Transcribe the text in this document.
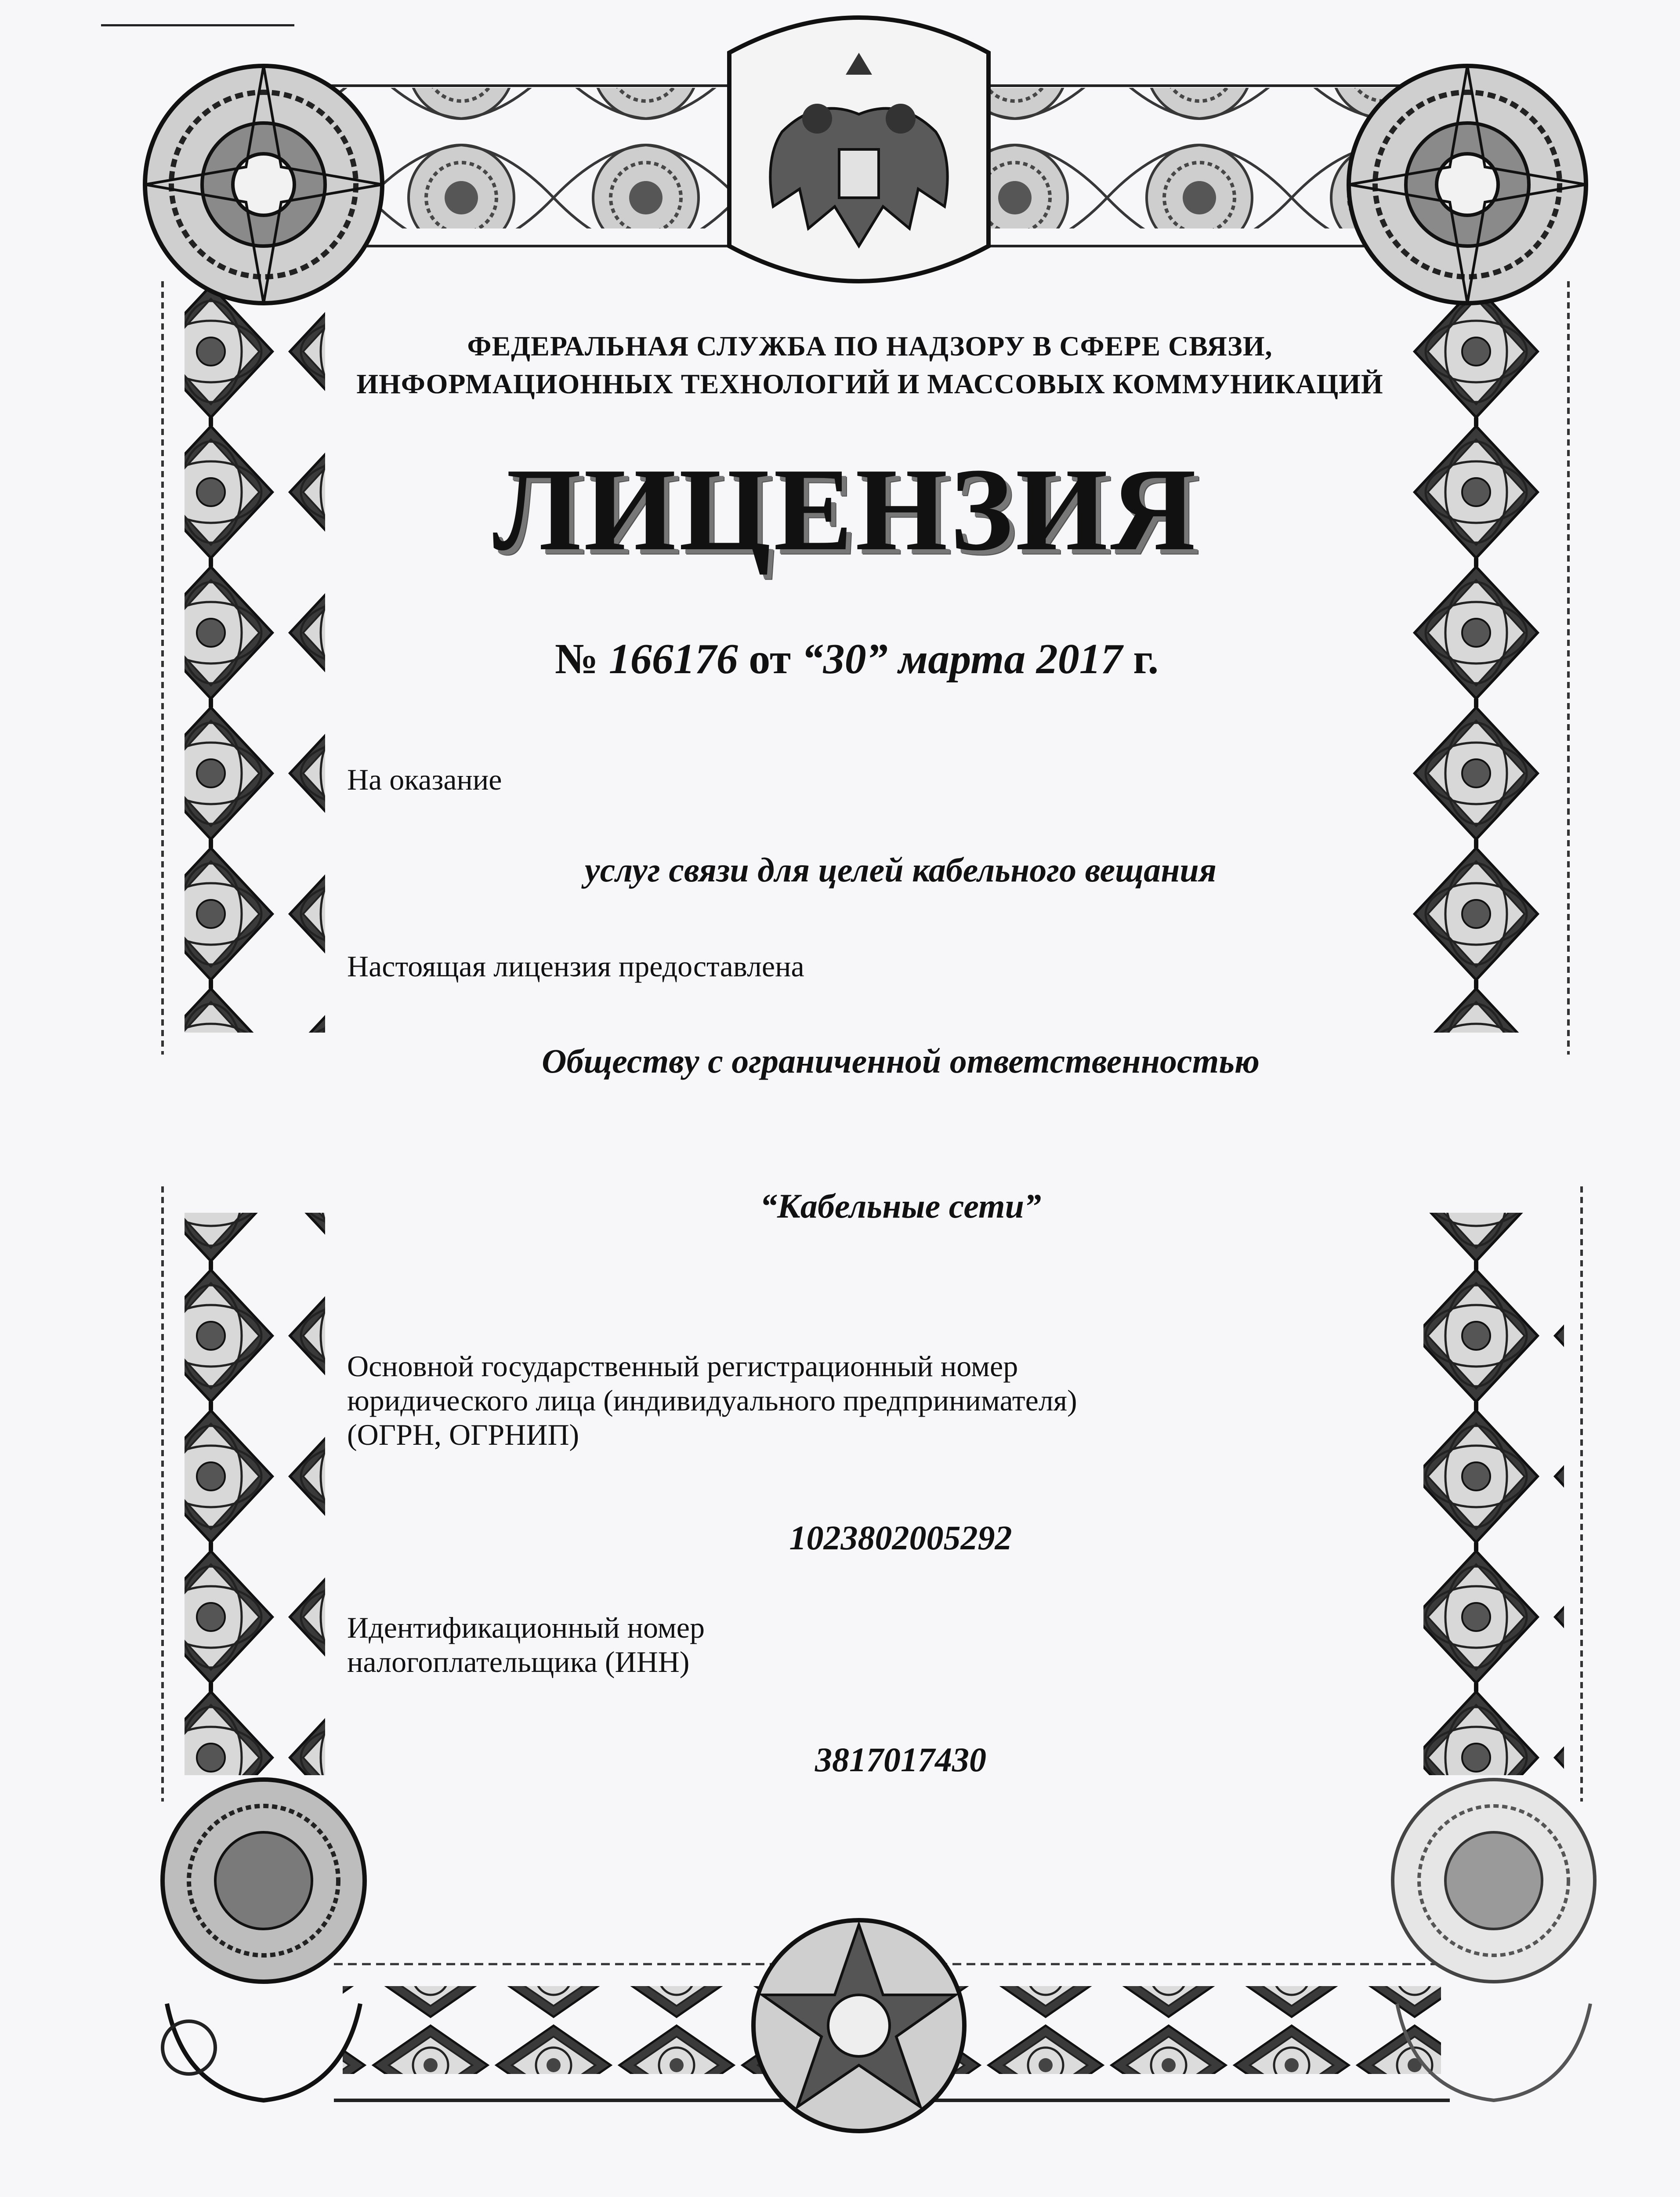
ФЕДЕРАЛЬНАЯ СЛУЖБА ПО НАДЗОРУ В СФЕРЕ СВЯЗИ,
ИНФОРМАЦИОННЫХ ТЕХНОЛОГИЙ И МАССОВЫХ КОММУНИКАЦИЙ
ЛИЦЕНЗИЯ
№ 166176 от “30” марта 2017 г.
На оказание
услуг связи для целей кабельного вещания
Настоящая лицензия предоставлена
Обществу с ограниченной ответственностью
“Кабельные сети”
Основной государственный регистрационный номер
юридического лица (индивидуального предпринимателя)
(ОГРН, ОГРНИП)
1023802005292
Идентификационный номер
налогоплательщика (ИНН)
3817017430
